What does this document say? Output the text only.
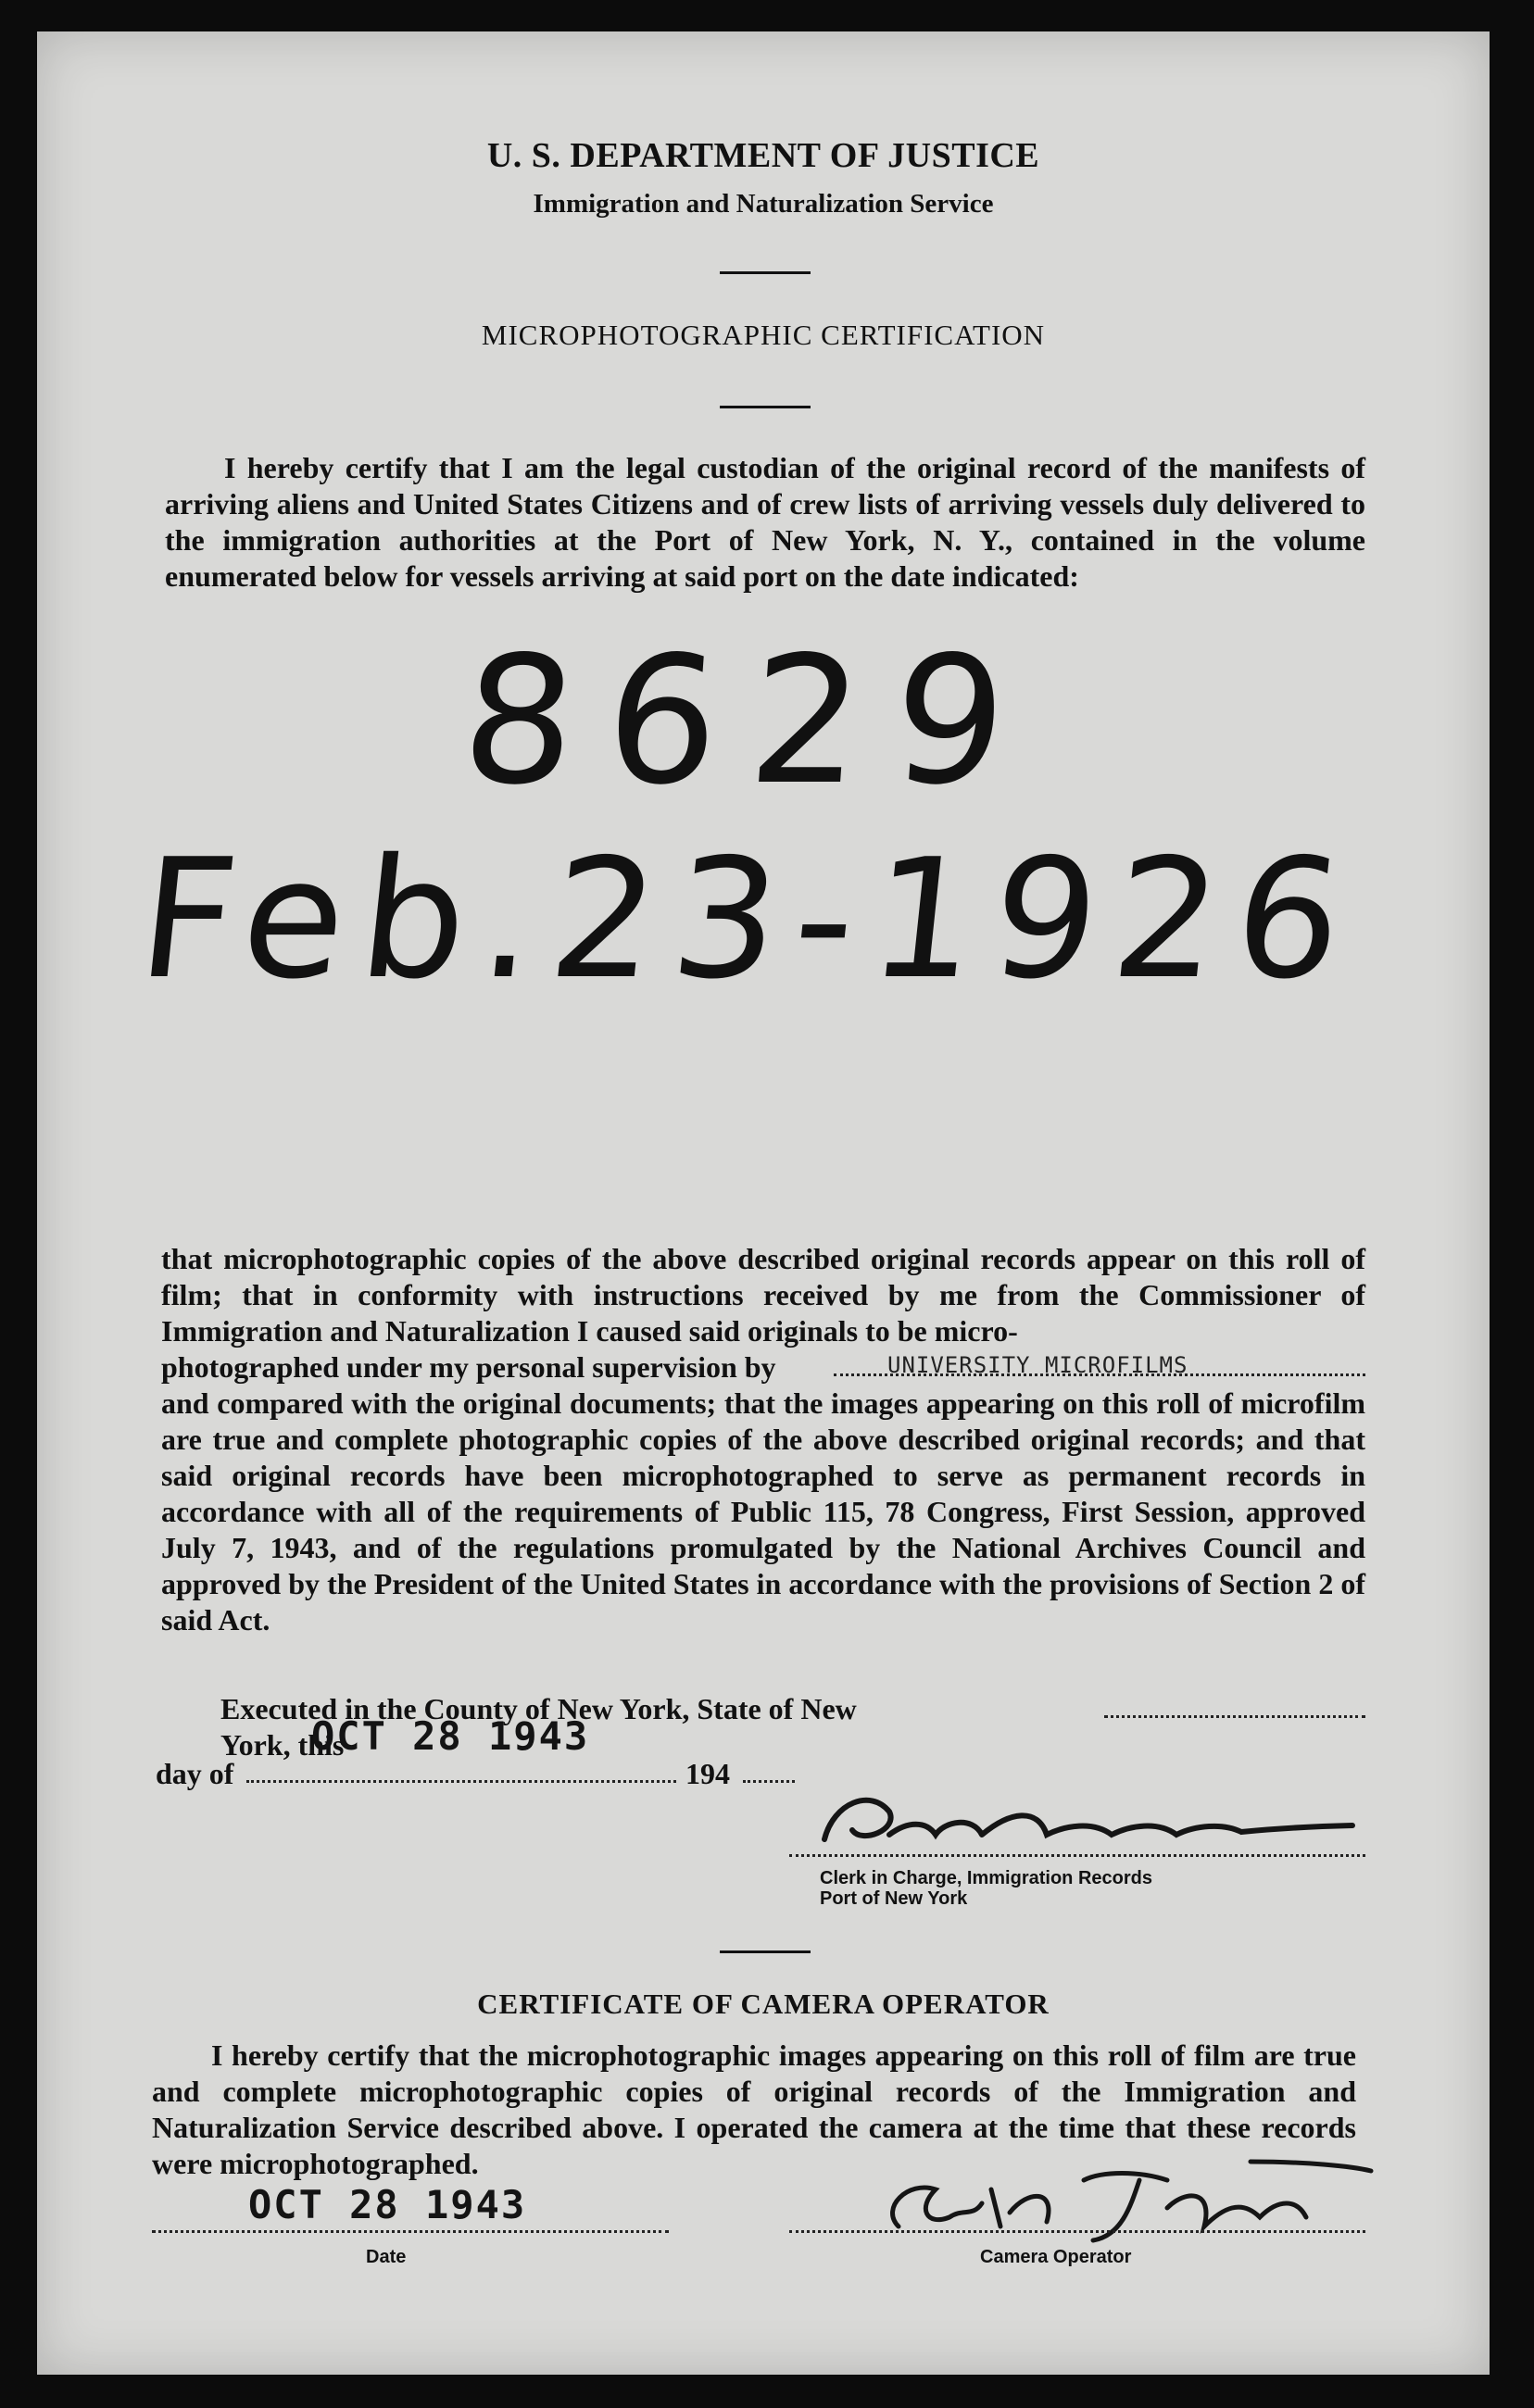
U. S. DEPARTMENT OF JUSTICE
Immigration and Naturalization Service
MICROPHOTOGRAPHIC CERTIFICATION
I hereby certify that I am the legal custodian of the original record of the manifests of arriving aliens and United States Citizens and of crew lists of arriving vessels duly delivered to the immigration authorities at the Port of New York, N. Y., contained in the volume enumerated below for vessels arriving at said port on the date indicated:
8629
Feb.23-1926
that microphotographic copies of the above described original records appear on this roll of film; that in conformity with instructions received by me from the Commissioner of Immigration and Naturalization I caused said originals to be micro-
photographed under my personal supervision by	UNIVERSITY MICROFILMS
and compared with the original documents; that the images appearing on this roll of microfilm are true and complete photographic copies of the above described original records; and that said original records have been microphotographed to serve as permanent records in accordance with all of the requirements of Public 115, 78 Congress, First Session, approved July 7, 1943, and of the regulations promulgated by the National Archives Council and approved by the President of the United States in accordance with the provisions of Section 2 of said Act.
Executed in the County of New York, State of New York, this
OCT 28 1943
day of	194
Clerk in Charge, Immigration Records
Port of New York
CERTIFICATE OF CAMERA OPERATOR
I hereby certify that the microphotographic images appearing on this roll of film are true and complete microphotographic copies of original records of the Immigration and Naturalization Service described above. I operated the camera at the time that these records were microphotographed.
OCT 28 1943
Date	Camera Operator
